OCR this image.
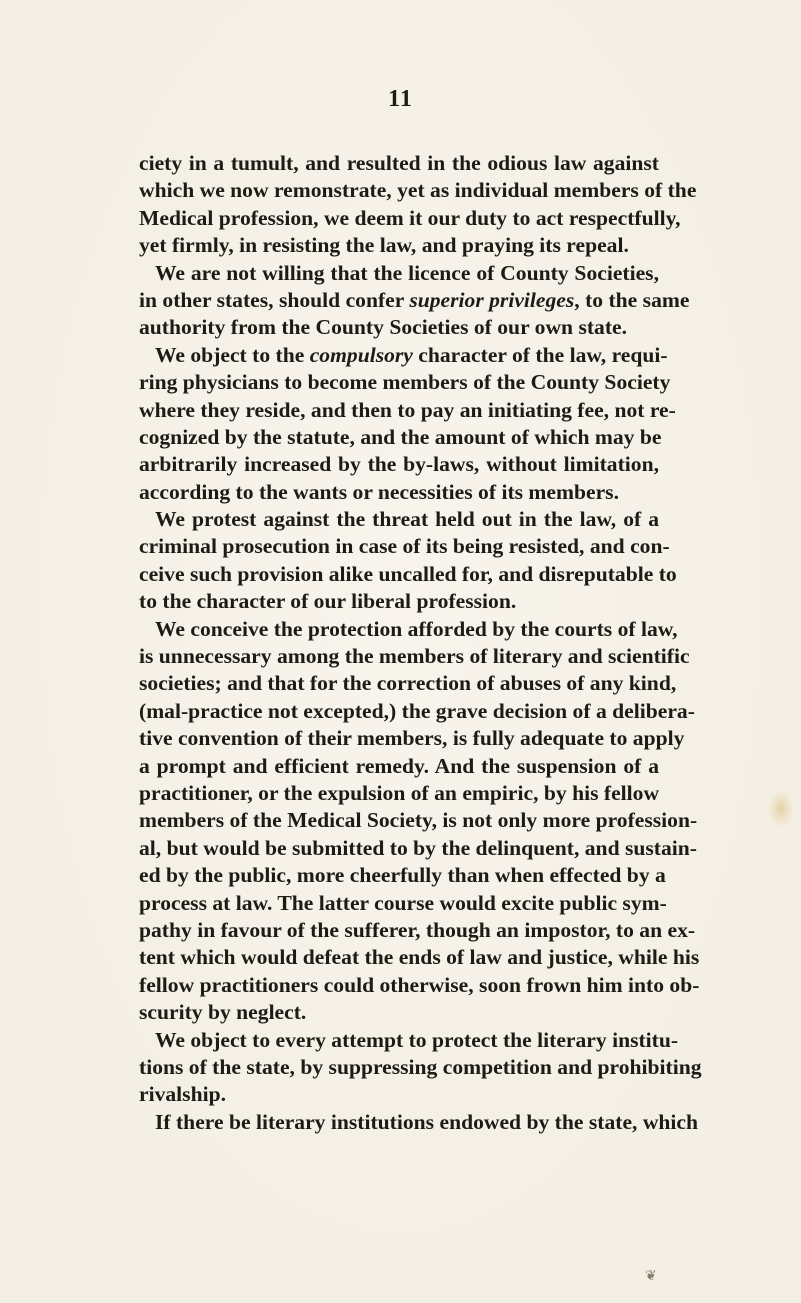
11
ciety in a tumult, and resulted in the odious law against
which we now remonstrate, yet as individual members of the
Medical profession, we deem it our duty to act respectfully,
yet firmly, in resisting the law, and praying its repeal.
We are not willing that the licence of County Societies,
in other states, should confer superior privileges, to the same
authority from the County Societies of our own state.
We object to the compulsory character of the law, requi-
ring physicians to become members of the County Society
where they reside, and then to pay an initiating fee, not re-
cognized by the statute, and the amount of which may be
arbitrarily increased by the by-laws, without limitation,
according to the wants or necessities of its members.
We protest against the threat held out in the law, of a
criminal prosecution in case of its being resisted, and con-
ceive such provision alike uncalled for, and disreputable to
to the character of our liberal profession.
We conceive the protection afforded by the courts of law,
is unnecessary among the members of literary and scientific
societies; and that for the correction of abuses of any kind,
(mal-practice not excepted,) the grave decision of a delibera-
tive convention of their members, is fully adequate to apply
a prompt and efficient remedy. And the suspension of a
practitioner, or the expulsion of an empiric, by his fellow
members of the Medical Society, is not only more profession-
al, but would be submitted to by the delinquent, and sustain-
ed by the public, more cheerfully than when effected by a
process at law. The latter course would excite public sym-
pathy in favour of the sufferer, though an impostor, to an ex-
tent which would defeat the ends of law and justice, while his
fellow practitioners could otherwise, soon frown him into ob-
scurity by neglect.
We object to every attempt to protect the literary institu-
tions of the state, by suppressing competition and prohibiting
rivalship.
If there be literary institutions endowed by the state, which
❦
